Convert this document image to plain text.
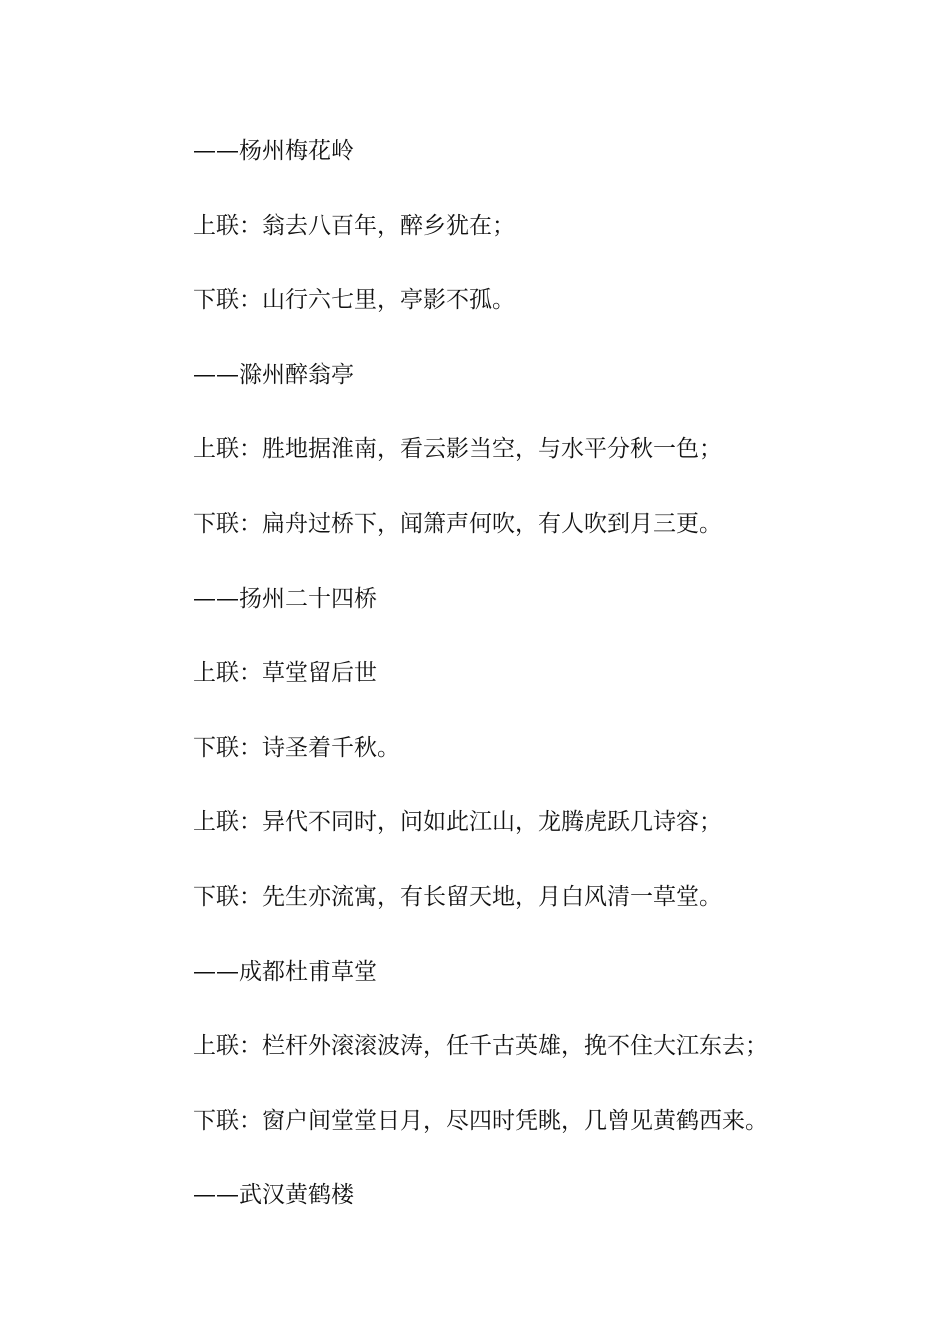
——杨州梅花岭
上联：翁去八百年，醉乡犹在；
下联：山行六七里，亭影不孤。
——滁州醉翁亭
上联：胜地据淮南，看云影当空，与水平分秋一色；
下联：扁舟过桥下，闻箫声何吹，有人吹到月三更。
——扬州二十四桥
上联：草堂留后世
下联：诗圣着千秋。
上联：异代不同时，问如此江山，龙腾虎跃几诗容；
下联：先生亦流寓，有长留天地，月白风清一草堂。
——成都杜甫草堂
上联：栏杆外滚滚波涛，任千古英雄，挽不住大江东去；
下联：窗户间堂堂日月，尽四时凭眺，几曾见黄鹤西来。
——武汉黄鹤楼
